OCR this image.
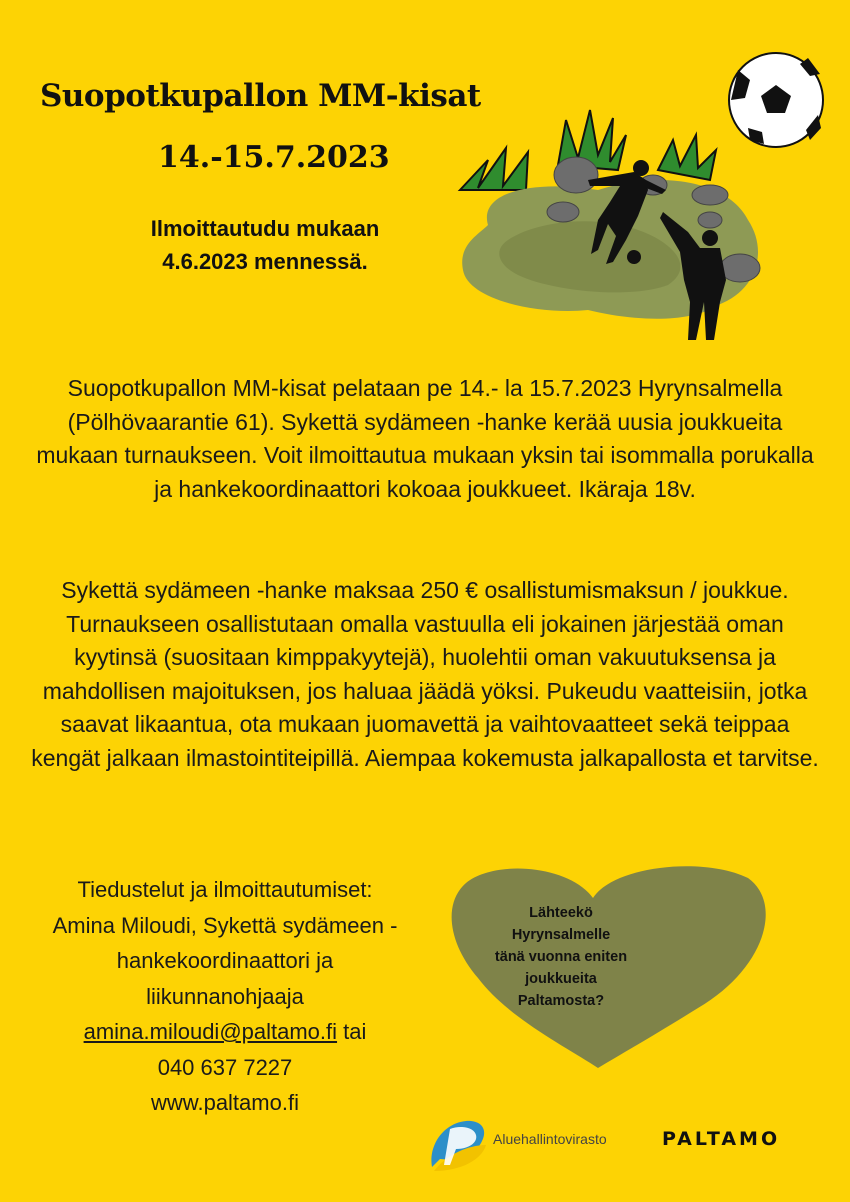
Suopotkupallon MM-kisat
14.-15.7.2023

Ilmoittautudu mukaan
4.6.2023 mennessä.

Suopotkupallon MM-kisat pelataan pe 14.- la 15.7.2023 Hyrynsalmella (Pölhövaarantie 61). Sykettä sydämeen -hanke kerää uusia joukkueita mukaan turnaukseen. Voit ilmoittautua mukaan yksin tai isommalla porukalla ja hankekoordinaattori kokoaa joukkueet. Ikäraja 18v.

Sykettä sydämeen -hanke maksaa 250 € osallistumismaksun / joukkue. Turnaukseen osallistutaan omalla vastuulla eli jokainen järjestää oman kyytinsä (suositaan kimppakyytejä), huolehtii oman vakuutuksensa ja mahdollisen majoituksen, jos haluaa jäädä yöksi. Pukeudu vaatteisiin, jotka saavat likaantua, ota mukaan juomavettä ja vaihtovaatteet sekä teippaa kengät jalkaan ilmastointiteipillä. Aiempaa kokemusta jalkapallosta et tarvitse.

Tiedustelut ja ilmoittautumiset:
Amina Miloudi, Sykettä sydämeen -
hankekoordinaattori ja
liikunnanohjaaja
amina.miloudi@paltamo.fi tai
040 637 7227
www.paltamo.fi

Lähteekö Hyrynsalmelle
tänä vuonna eniten
joukkueita
Paltamosta?

Aluehallintovirasto	PALTAMO
